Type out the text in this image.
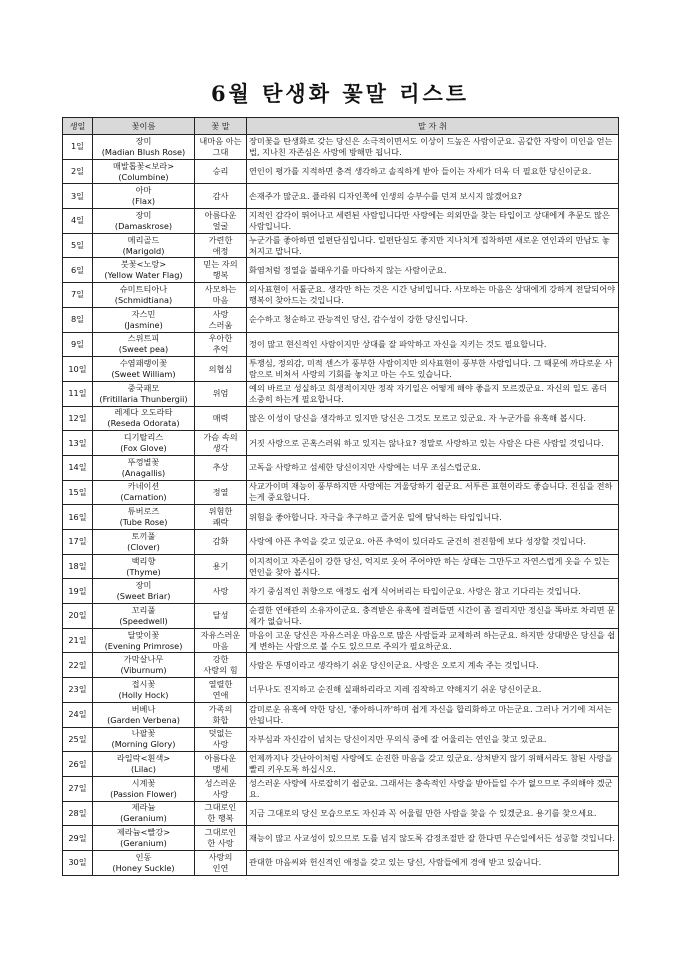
6월 탄생화 꽃말 리스트
생일	꽃이름	꽃 말	말 자 취
1일	장미
(Madian Blush Rose)	내마음 아는
그대	장미꽃을 탄생화로 갖는 당신은 소극적이면서도 이상이 드높은 사람이군요. 곰같한 자랑이 미인을 얻는법, 지나친 자존심은 사랑에 방해만 됩니다.

2일	매발톱꽃<보라>
(Columbine)	승리	연인이 평가를 지적하면 충격 생각하고 솔직하게 받아 들이는 자세가 더욱 더 필요한 당신이군요.

3일	아마
(Flax)	감사	손재주가 많군요. 플라워 디자인쪽에 인생의 승부수를 던져 보시지 않겠어요?

4일	장미
(Damaskrose)	아름다운
얼굴	지적인 감각이 뛰어나고 세련된 사람입니다만 사랑에는 의외만을 찾는 타입이고 상대에게 추문도 많은 사람입니다.

5일	메리골드
(Marigold)	가련한
애정	누군가를 좋아하면 일편단심입니다. 일편단심도 좋지만 지나치게 집착하면 새로운 연인과의 만남도 놓쳐지고 맙니다.

6일	붓꽃<노랑>
(Yellow Water Flag)	믿는 자의
행복	화염처럼 정열을 불태우기를 마다하지 않는 사람이군요.

7일	슈미트티아나
(Schmidtiana)	사모하는
마음	의사표현이 서툴군요. 생각만 하는 것은 시간 낭비입니다. 사모하는 마음은 상대에게 강하게 전달되어야 행복이 찾아드는 것입니다.

8일	자스민
(Jasmine)	사랑
스러움	순수하고 청순하고 관능적인 당신, 감수성이 강한 당신입니다.

9일	스위트피
(Sweet pea)	우아한
추억	정이 많고 현신적인 사람이지만 상대를 잘 파악하고 자신을 지키는 것도 필요합니다.

10일	수염패랭이꽃
(Sweet William)	의협심	투쟁심, 정의감, 미적 센스가 풍부한 사람이지만 의사표현이 풍부한 사람입니다. 그 때문에 까다로운 사람으로 비쳐서 사랑의 기회를 놓치고 마는 수도 있습니다.

11일	중국패모
(Fritillaria Thunbergii)	위엄	예의 바르고 성실하고 희생적이지만 정작 자기일은 어떻게 해야 좋을지 모르겠군요. 자신의 일도 좀더 소중히 하는게 필요합니다.

12일	레제다 오도라타
(Reseda Odorata)	매력	많은 이성이 당신을 생각하고 있지만 당신은 그것도 모르고 있군요. 자 누군가를 유혹해 봅시다.

13일	디기탈리스
(Fox Glove)	가슴 속의
생각	거짓 사랑으로 곤혹스러워 하고 있지는 않나요? 정말로 사랑하고 있는 사람은 다른 사람일 것입니다.

14일	뚜껑별꽃
(Anagallis)	추상	고독을 사랑하고 섬세한 당신이지만 사랑에는 너무 조심스럽군요.

15일	카네이션
(Carnation)	정열	사교가이며 재능이 풍부하지만 사랑에는 겨울당하기 쉽군요. 서투른 표현이라도 좋습니다. 진심을 전하는게 중요합니다.

16일	튜버로즈
(Tube Rose)	위험한
쾌락	위험을 좋아합니다. 자극을 추구하고 즐거운 일에 탐닉하는 타입입니다.

17일	토끼풀
(Clover)	감화	사랑에 아픈 추억을 갖고 있군요. 아픈 추억이 있더라도 굳건히 전진함에 보다 성장할 것입니다.

18일	백리향
(Thyme)	용기	이지적이고 자존심이 강한 당신, 억지로 웃어 주어야만 하는 상태는 그만두고 자연스럽게 웃을 수 있는 연인을 찾아 봅시다.

19일	장미
(Sweet Briar)	사랑	자기 중심적인 취향으로 애정도 쉽게 식어버리는 타입이군요. 사랑은 참고 기다리는 것입니다.

20일	꼬리풀
(Speedwell)	달성	순결한 연애관의 소유자이군요. 충격받은 유혹에 걸려들면 시간이 좀 걸리지만 정신을 똑바로 차리면 문제가 없습니다.

21일	달맞이꽃
(Evening Primrose)	자유스러운
마음	마음이 고운 당신은 자유스러운 마음으로 많은 사람들과 교제하려 하는군요. 하지만 상대방은 당신을 쉽게 변하는 사람으로 볼 수도 있으므로 주의가 필요하군요.

22일	가막살나무
(Viburnum)	강한
사랑의 힘	사람은 투명이라고 생각하기 쉬운 당신이군요. 사랑은 오로지 계속 주는 것입니다.

23일	접시꽃
(Holly Hock)	열렬한
연애	너무나도 진지하고 순진해 실패하리라고 지레 짐작하고 약해지기 쉬운 당신이군요.

24일	버베나
(Garden Verbena)	가족의
화합	감미로운 유혹에 약한 당신, '좋아하니까'하며 쉽게 자신을 합리화하고 마는군요. 그러나 거기에 져서는 안됩니다.

25일	나팔꽃
(Morning Glory)	덧없는
사랑	자부심과 자신감이 넘치는 당신이지만 무의식 중에 잘 어울리는 연인을 찾고 있군요.

26일	라일락<흰색>
(Lilac)	아름다운
맹세	언제까지나 갓난아이처럼 사랑에도 순진한 마음을 갖고 있군요. 상처받지 않기 위해서라도 참된 사랑을 빨리 키우도록 하십시오.

27일	시계꽃
(Passion Flower)	성스러운
사랑	성스러운 사랑에 사로잡히기 쉽군요. 그래서는 충속적인 사랑을 받아들일 수가 없으므로 주의해야 겠군요.

28일	제라늄
(Geranium)	그대로인
한 행복	지금 그대로의 당신 모습으로도 자신과 꼭 어울릴 만한 사람을 찾을 수 있겠군요. 용기를 찾으세요.

29일	제라늄<빨강>
(Geranium)	그대로인
한 사랑	재능이 많고 사교성이 있으므로 도를 넘지 않도록 감정조절만 잘 한다면 무슨일에서든 성공할 것입니다.

30일	인동
(Honey Suckle)	사랑의
인연	관대한 마음씨와 헌신적인 애정을 갖고 있는 당신, 사람들에게 경애 받고 있습니다.
